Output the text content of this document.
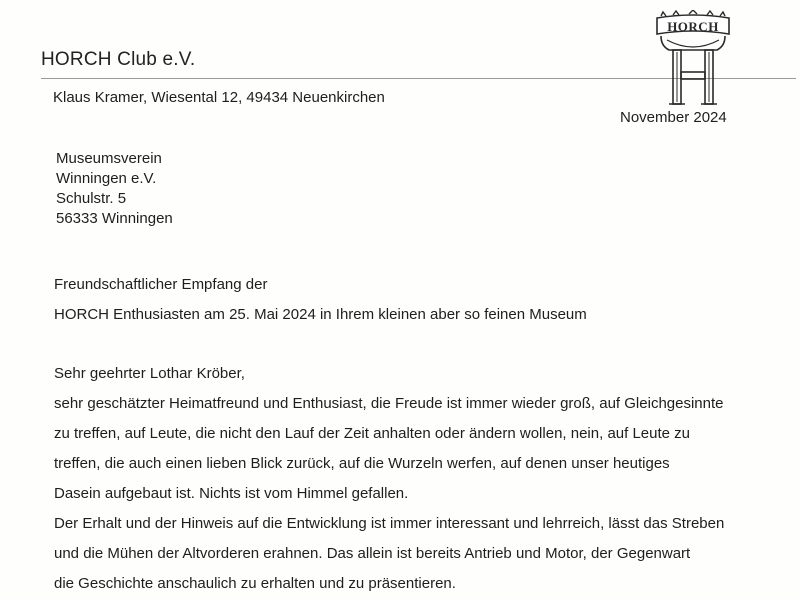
HORCH Club e.V.
HORCH
Klaus Kramer, Wiesental 12, 49434 Neuenkirchen
November 2024
Museumsverein
Winningen e.V.
Schulstr. 5
56333 Winningen
Freundschaftlicher Empfang der
HORCH Enthusiasten am 25. Mai 2024 in Ihrem kleinen aber so feinen Museum
Sehr geehrter Lothar Kröber,
sehr geschätzter Heimatfreund und Enthusiast, die Freude ist immer wieder groß, auf Gleichgesinnte
zu treffen, auf Leute, die nicht den Lauf der Zeit anhalten oder ändern wollen, nein, auf Leute zu
treffen, die auch einen lieben Blick zurück, auf die Wurzeln werfen, auf denen unser heutiges
Dasein aufgebaut ist. Nichts ist vom Himmel gefallen.
Der Erhalt und der Hinweis auf die Entwicklung ist immer interessant und lehrreich, lässt das Streben
und die Mühen der Altvorderen erahnen. Das allein ist bereits Antrieb und Motor, der Gegenwart
die Geschichte anschaulich zu erhalten und zu präsentieren.
